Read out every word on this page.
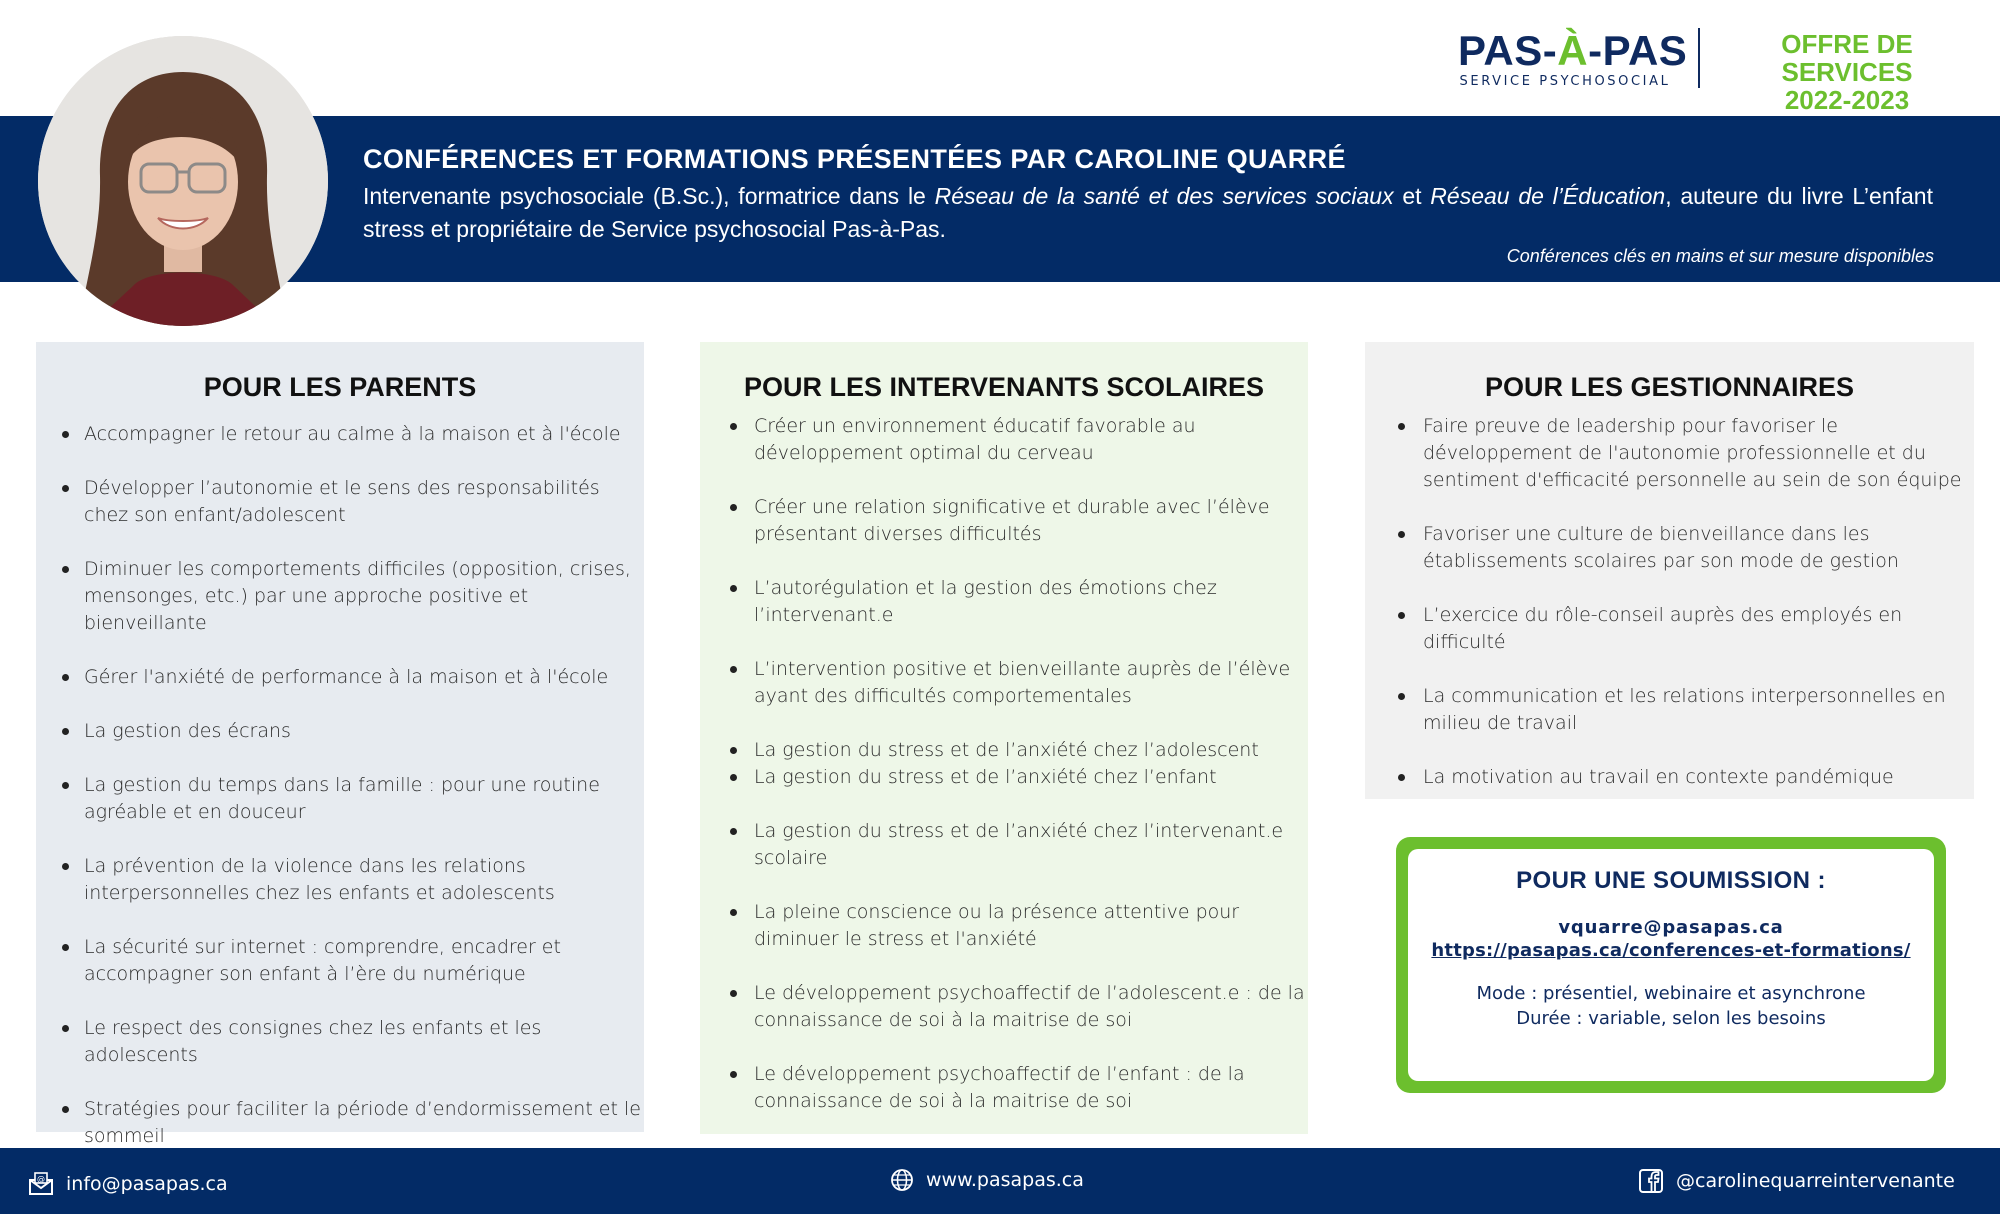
PAS-À-PAS
SERVICE PSYCHOSOCIAL
OFFRE DE SERVICES
2022-2023
CONFÉRENCES ET FORMATIONS PRÉSENTÉES PAR CAROLINE QUARRÉ
Intervenante psychosociale (B.Sc.), formatrice dans le Réseau de la santé et des services sociaux et Réseau de l’Éducation, auteure du livre L’enfant stress et propriétaire de Service psychosocial Pas-à-Pas.
Conférences clés en mains et sur mesure disponibles
POUR LES PARENTS
Accompagner le retour au calme à la maison et à l'école
Développer l’autonomie et le sens des responsabilités chez son enfant/adolescent
Diminuer les comportements difficiles (opposition, crises, mensonges, etc.) par une approche positive et bienveillante
Gérer l'anxiété de performance à la maison et à l'école
La gestion des écrans
La gestion du temps dans la famille : pour une routine agréable et en douceur
La prévention de la violence dans les relations interpersonnelles chez les enfants et adolescents
La sécurité sur internet : comprendre, encadrer et accompagner son enfant à l’ère du numérique
Le respect des consignes chez les enfants et les adolescents
Stratégies pour faciliter la période d’endormissement et le sommeil
POUR LES INTERVENANTS SCOLAIRES
Créer un environnement éducatif favorable au développement optimal du cerveau
Créer une relation significative et durable avec l’élève présentant diverses difficultés
L’autorégulation et la gestion des émotions chez l’intervenant.e
L’intervention positive et bienveillante auprès de l’élève ayant des difficultés comportementales
La gestion du stress et de l’anxiété chez l’adolescent
La gestion du stress et de l’anxiété chez l’enfant
La gestion du stress et de l’anxiété chez l’intervenant.e scolaire
La pleine conscience ou la présence attentive pour diminuer le stress et l'anxiété
Le développement psychoaffectif de l’adolescent.e : de la connaissance de soi à la maitrise de soi
Le développement psychoaffectif de l’enfant : de la connaissance de soi à la maitrise de soi
POUR LES GESTIONNAIRES
Faire preuve de leadership pour favoriser le développement de l'autonomie professionnelle et du sentiment d'efficacité personnelle au sein de son équipe
Favoriser une culture de bienveillance dans les établissements scolaires par son mode de gestion
L’exercice du rôle-conseil auprès des employés en difficulté
La communication et les relations interpersonnelles en milieu de travail
La motivation au travail en contexte pandémique
POUR UNE SOUMISSION :
vquarre@pasapas.ca
https://pasapas.ca/conferences-et-formations/
Mode : présentiel, webinaire et asynchrone
Durée : variable, selon les besoins
@ info@pasapas.ca	www.pasapas.ca	@carolinequarreintervenante
